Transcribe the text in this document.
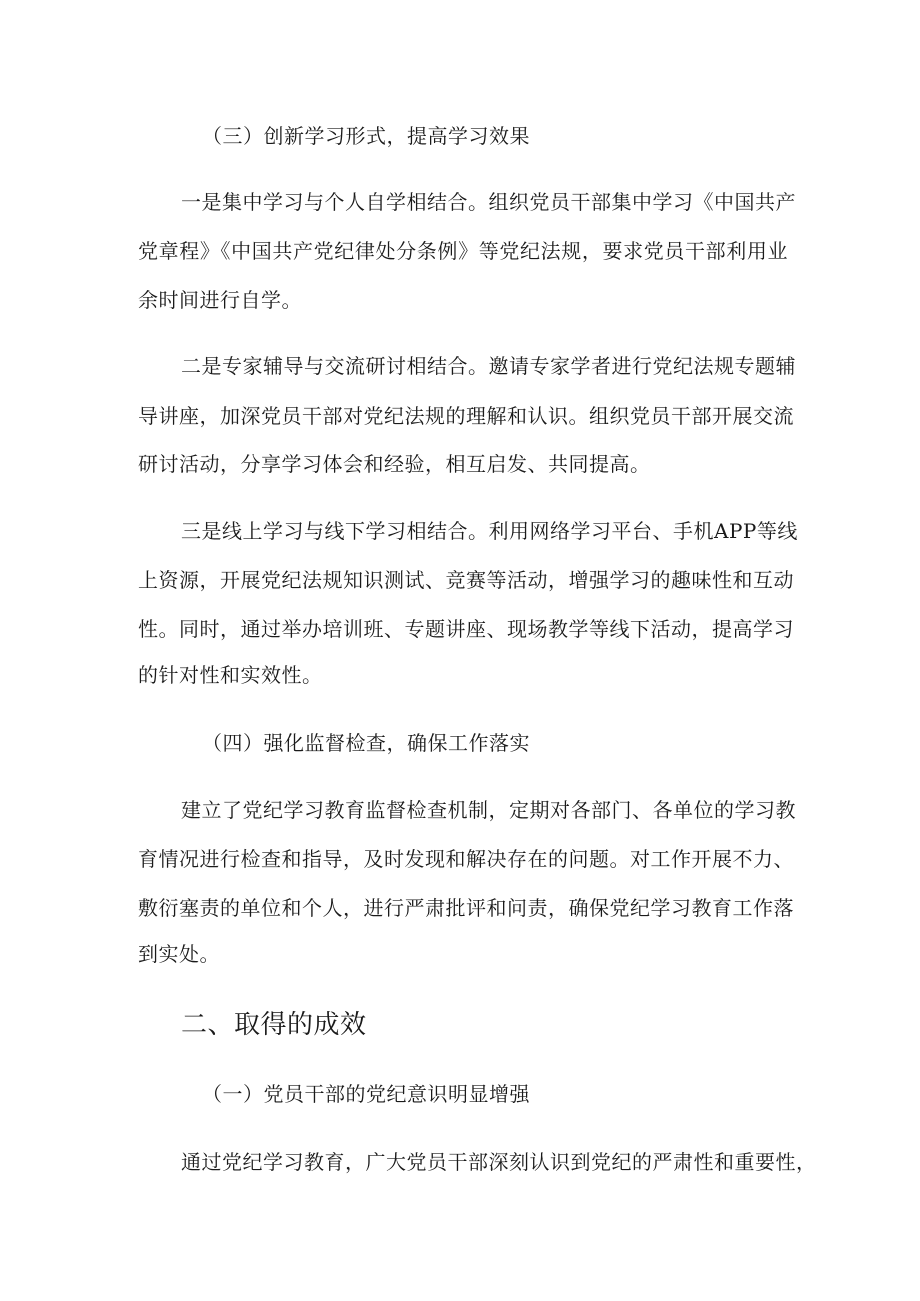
（三）创新学习形式，提高学习效果

一是集中学习与个人自学相结合。组织党员干部集中学习《中国共产

党章程》《中国共产党纪律处分条例》等党纪法规，要求党员干部利用业

余时间进行自学。

二是专家辅导与交流研讨相结合。邀请专家学者进行党纪法规专题辅

导讲座，加深党员干部对党纪法规的理解和认识。组织党员干部开展交流

研讨活动，分享学习体会和经验，相互启发、共同提高。

三是线上学习与线下学习相结合。利用网络学习平台、手机APP等线

上资源，开展党纪法规知识测试、竞赛等活动，增强学习的趣味性和互动

性。同时，通过举办培训班、专题讲座、现场教学等线下活动，提高学习

的针对性和实效性。

（四）强化监督检查，确保工作落实

建立了党纪学习教育监督检查机制，定期对各部门、各单位的学习教

育情况进行检查和指导，及时发现和解决存在的问题。对工作开展不力、

敷衍塞责的单位和个人，进行严肃批评和问责，确保党纪学习教育工作落

到实处。

二、取得的成效

（一）党员干部的党纪意识明显增强

通过党纪学习教育，广大党员干部深刻认识到党纪的严肃性和重要性，
